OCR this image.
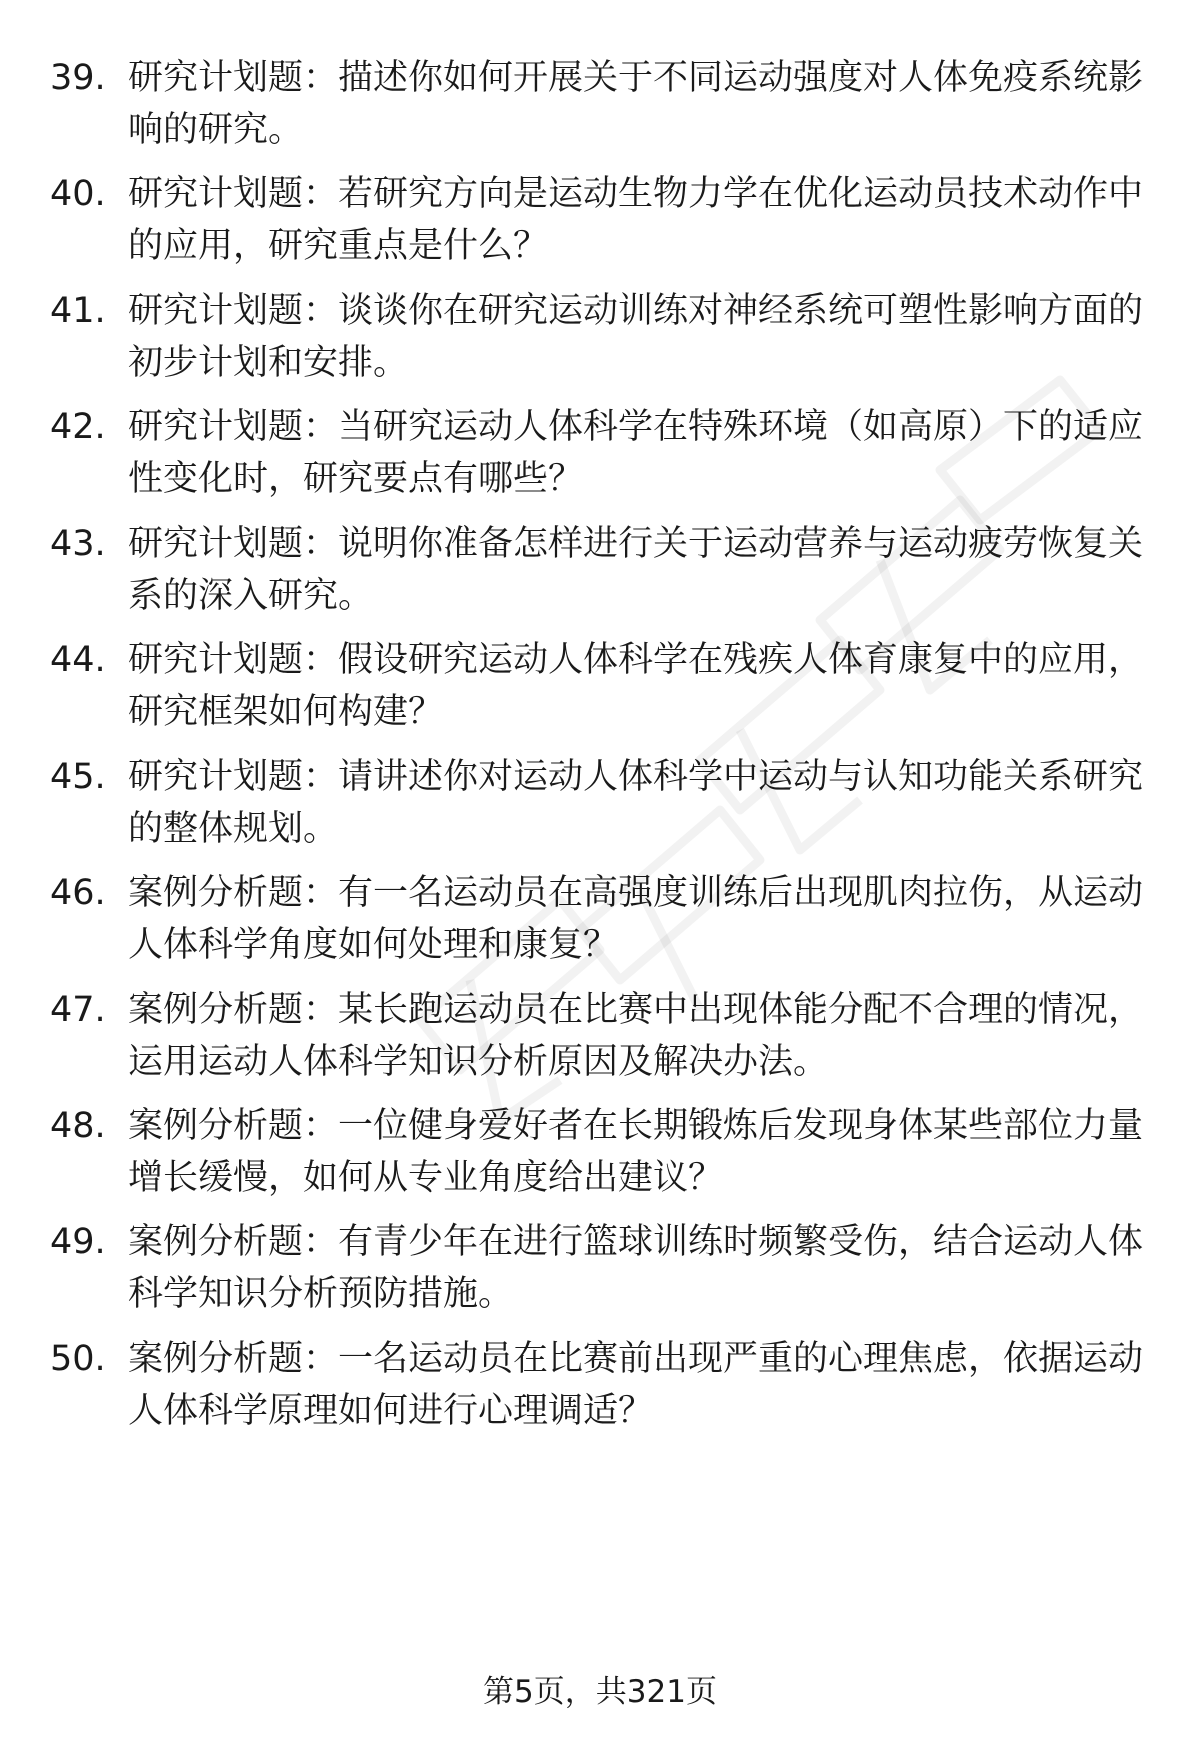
39. 研究计划题：描述你如何开展关于不同运动强度对人体免疫系统影响的研究。
40. 研究计划题：若研究方向是运动生物力学在优化运动员技术动作中的应用，研究重点是什么？
41. 研究计划题：谈谈你在研究运动训练对神经系统可塑性影响方面的初步计划和安排。
42. 研究计划题：当研究运动人体科学在特殊环境（如高原）下的适应性变化时，研究要点有哪些？
43. 研究计划题：说明你准备怎样进行关于运动营养与运动疲劳恢复关系的深入研究。
44. 研究计划题：假设研究运动人体科学在残疾人体育康复中的应用，研究框架如何构建？
45. 研究计划题：请讲述你对运动人体科学中运动与认知功能关系研究的整体规划。
46. 案例分析题：有一名运动员在高强度训练后出现肌肉拉伤，从运动人体科学角度如何处理和康复？
47. 案例分析题：某长跑运动员在比赛中出现体能分配不合理的情况，运用运动人体科学知识分析原因及解决办法。
48. 案例分析题：一位健身爱好者在长期锻炼后发现身体某些部位力量增长缓慢，如何从专业角度给出建议？
49. 案例分析题：有青少年在进行篮球训练时频繁受伤，结合运动人体科学知识分析预防措施。
50. 案例分析题：一名运动员在比赛前出现严重的心理焦虑，依据运动人体科学原理如何进行心理调适？
第5页，共321页
